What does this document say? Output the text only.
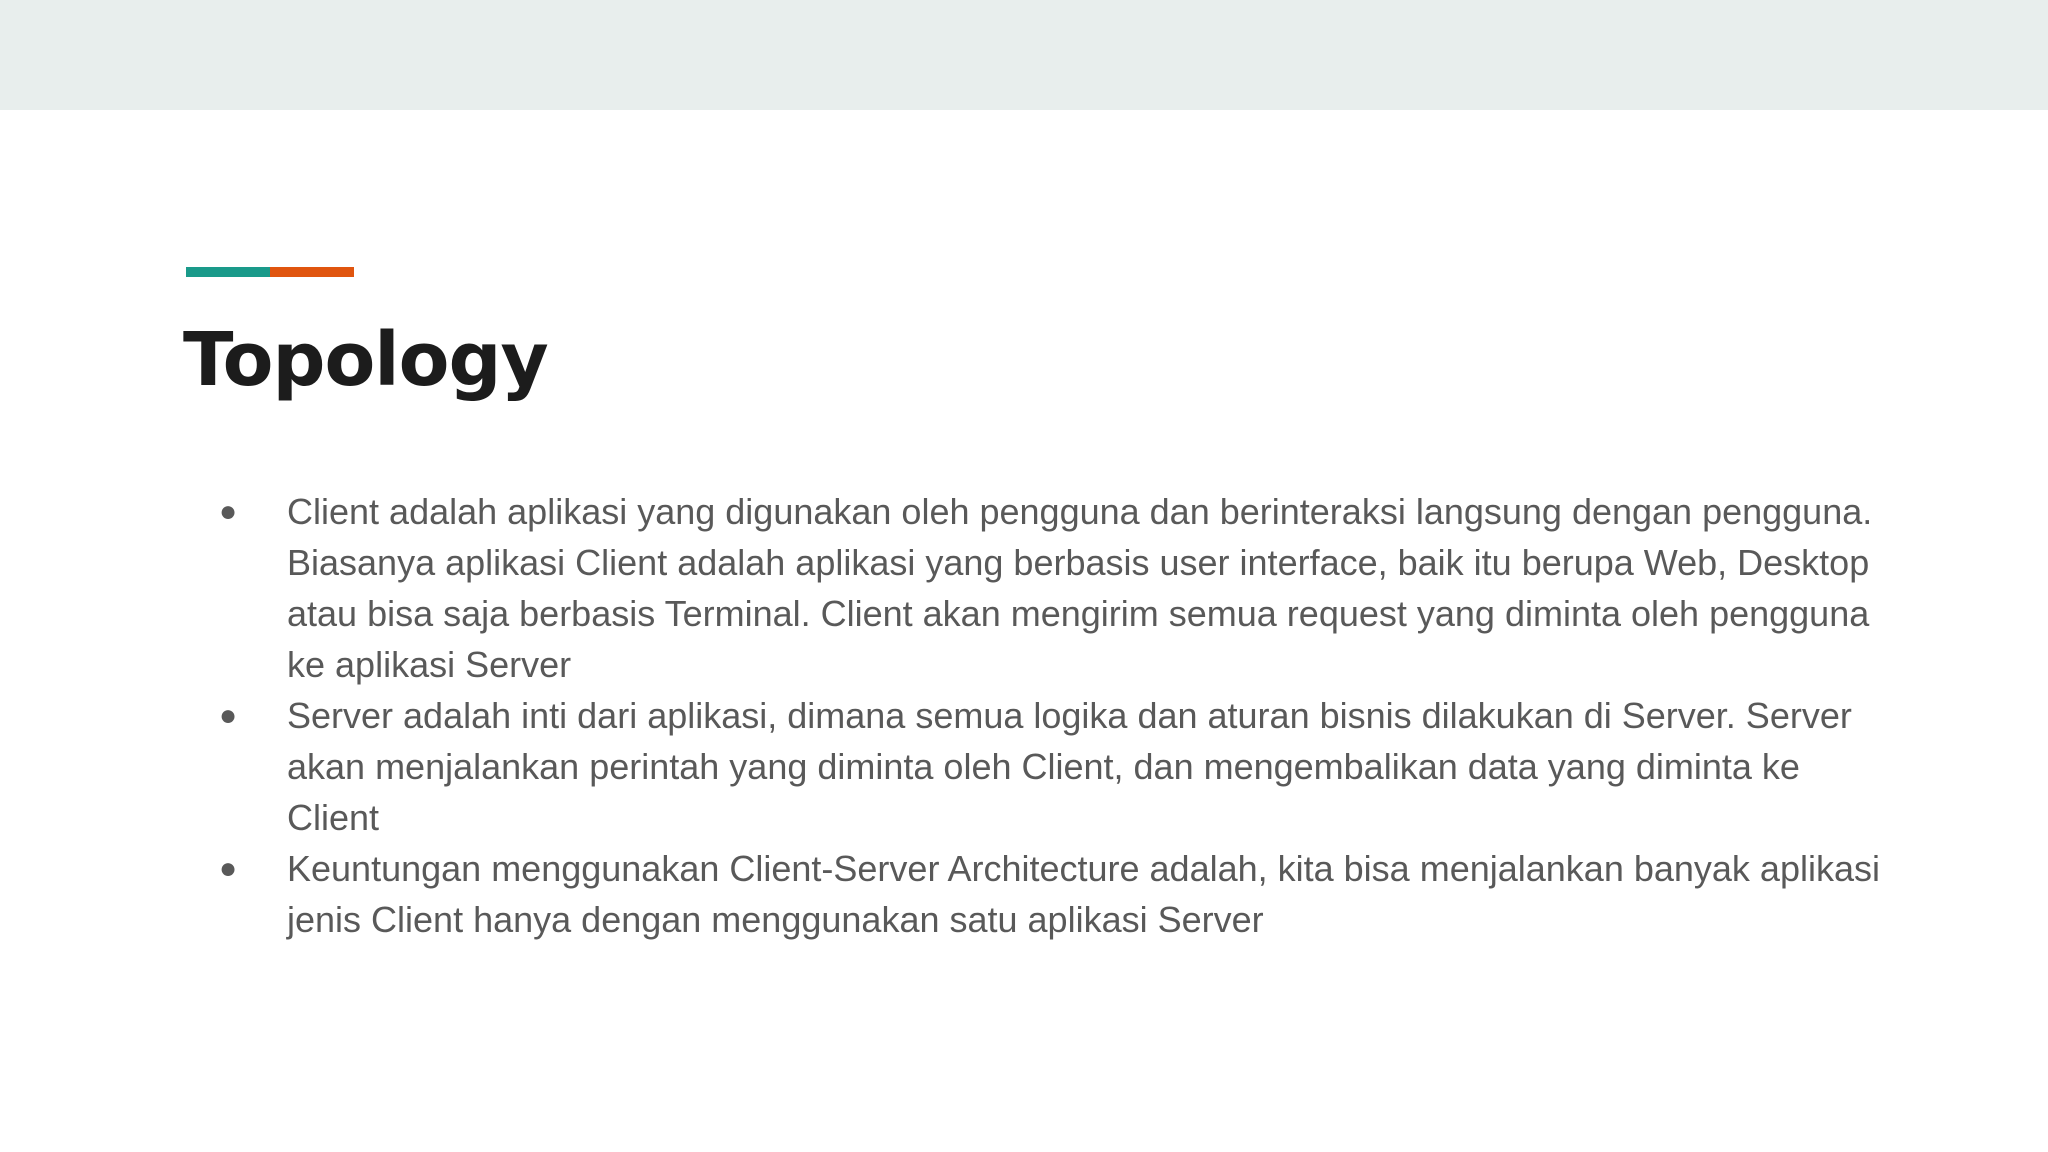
Topology
●	Client adalah aplikasi yang digunakan oleh pengguna dan berinteraksi langsung dengan pengguna. Biasanya aplikasi Client adalah aplikasi yang berbasis user interface, baik itu berupa Web, Desktop atau bisa saja berbasis Terminal. Client akan mengirim semua request yang diminta oleh pengguna ke aplikasi Server
●	Server adalah inti dari aplikasi, dimana semua logika dan aturan bisnis dilakukan di Server. Server akan menjalankan perintah yang diminta oleh Client, dan mengembalikan data yang diminta ke Client
●	Keuntungan menggunakan Client-Server Architecture adalah, kita bisa menjalankan banyak aplikasi jenis Client hanya dengan menggunakan satu aplikasi Server
